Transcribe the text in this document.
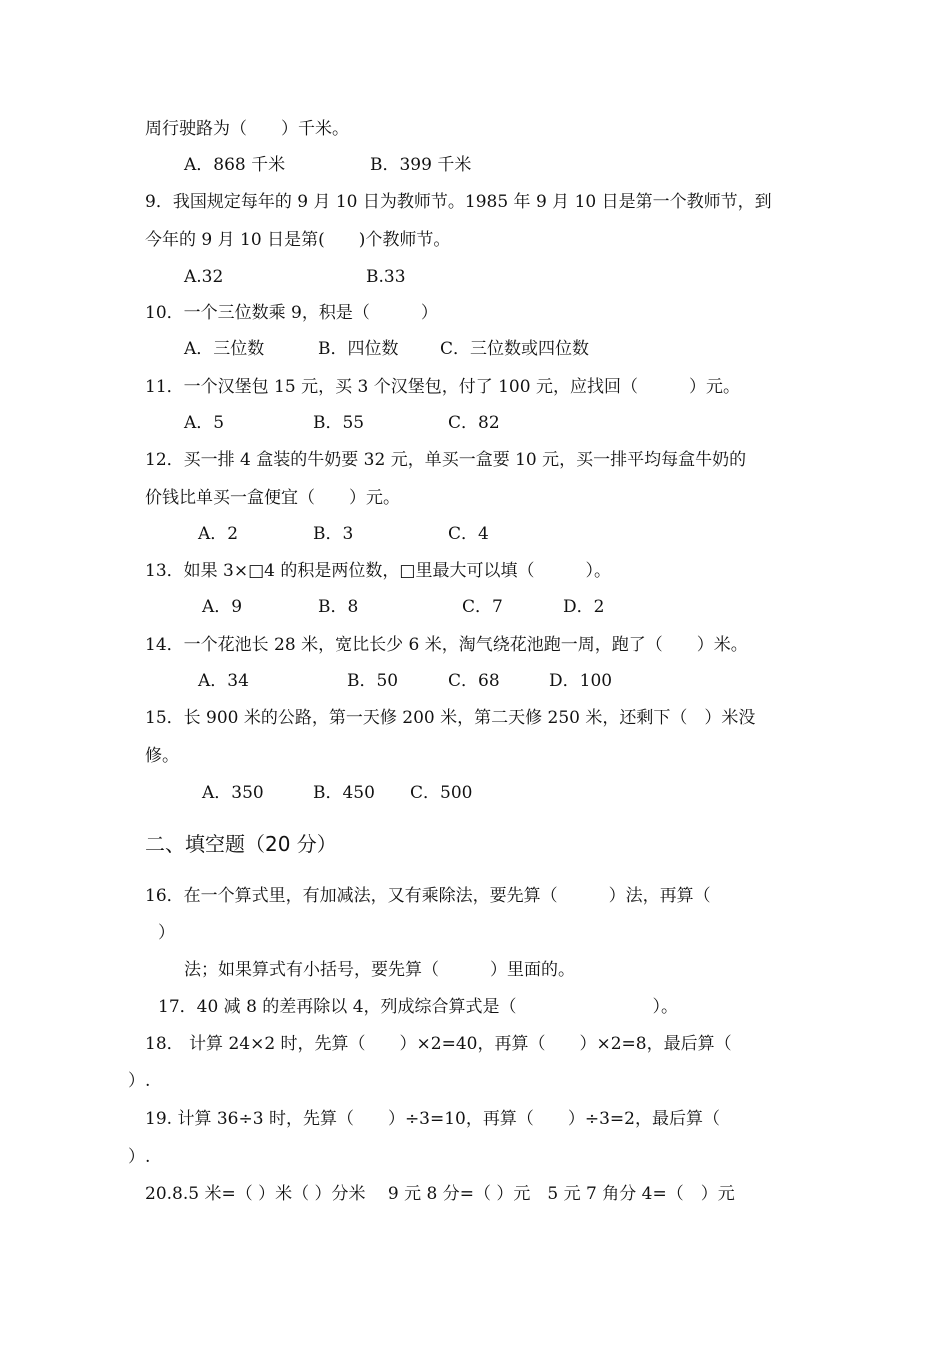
周行驶路为（　　）千米。
A．868 千米	B．399 千米
9．我国规定每年的 9 月 10 日为教师节。1985 年 9 月 10 日是第一个教师节，到
今年的 9 月 10 日是第(　　)个教师节。
A.32	B.33
10．一个三位数乘 9，积是（　　　）
A．三位数	B．四位数 C．三位数或四位数
11．一个汉堡包 15 元，买 3 个汉堡包，付了 100 元，应找回（　　　）元。
A．5	B．55	C．82
12．买一排 4 盒装的牛奶要 32 元，单买一盒要 10 元，买一排平均每盒牛奶的
价钱比单买一盒便宜（　　）元。
A．2	B．3	C．4
13．如果 3×□4 的积是两位数，□里最大可以填（　　　）。
A．9	B．8	C．7	D．2
14．一个花池长 28 米，宽比长少 6 米，淘气绕花池跑一周，跑了（　　）米。
A．34	B．50	C．68	D．100
15．长 900 米的公路，第一天修 200 米，第二天修 250 米，还剩下（　）米没
修。
A．350	B．450 C．500
二、填空题（20 分）
16．在一个算式里，有加减法，又有乘除法，要先算（　　　）法，再算（
）
法；如果算式有小括号，要先算（　　　）里面的。
17．40 减 8 的差再除以 4，列成综合算式是（　　　　　　　　）。
18． 计算 24×2 时，先算（　　）×2=40，再算（　　）×2=8，最后算（
）.
19. 计算 36÷3 时，先算（　　）÷3=10，再算（　　）÷3=2，最后算（
）.
20.8.5 米=（ ）米（ ）分米　 9 元 8 分=（ ）元　5 元 7 角分 4=（　）元
